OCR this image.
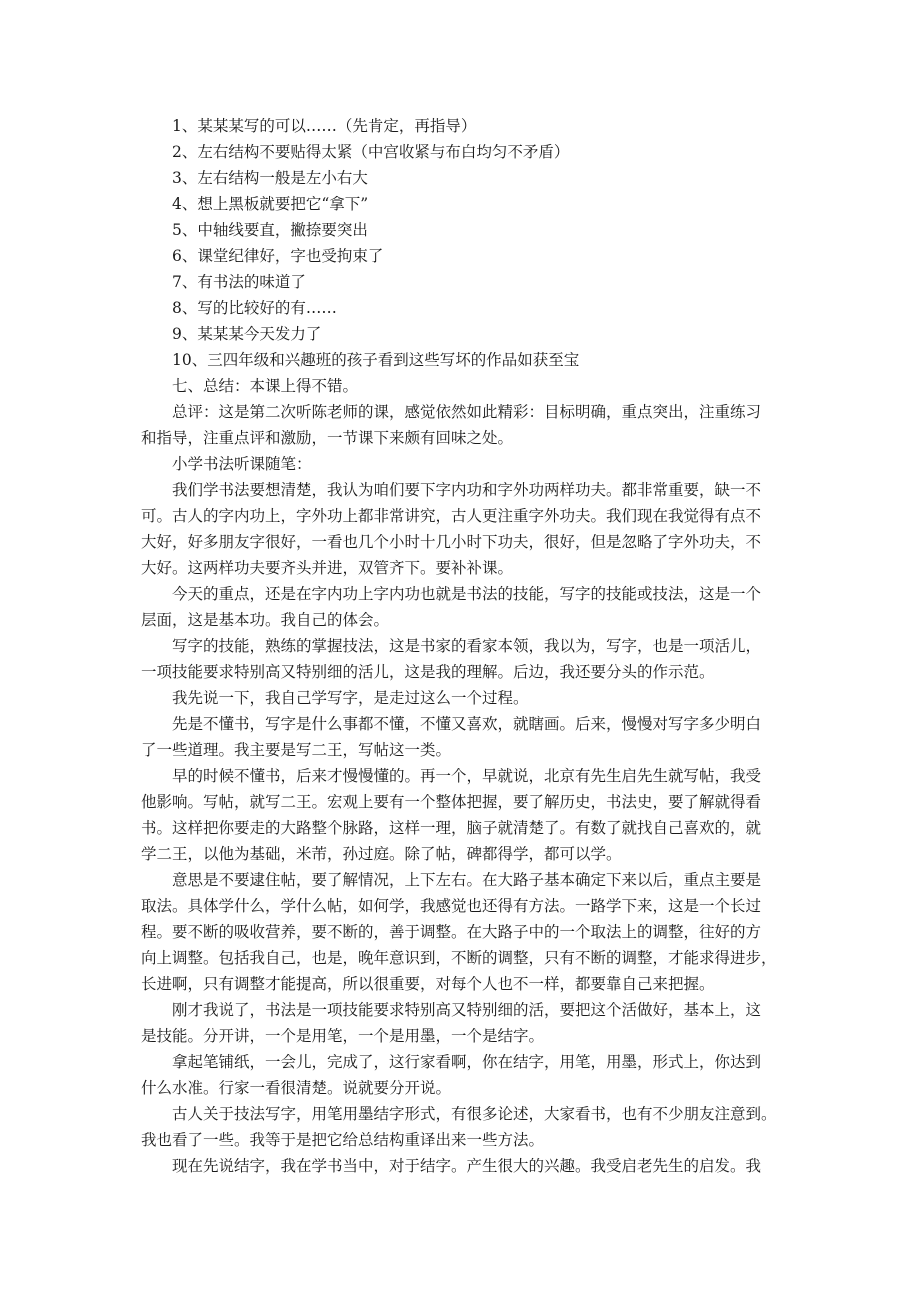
1、某某某写的可以……（先肯定，再指导）
2、左右结构不要贴得太紧（中宫收紧与布白均匀不矛盾）
3、左右结构一般是左小右大
4、想上黑板就要把它“拿下”
5、中轴线要直，撇捺要突出
6、课堂纪律好，字也受拘束了
7、有书法的味道了
8、写的比较好的有……
9、某某某今天发力了
10、三四年级和兴趣班的孩子看到这些写坏的作品如获至宝
七、总结：本课上得不错。
总评：这是第二次听陈老师的课，感觉依然如此精彩：目标明确，重点突出，注重练习
和指导，注重点评和激励，一节课下来颇有回味之处。
小学书法听课随笔：
我们学书法要想清楚，我认为咱们要下字内功和字外功两样功夫。都非常重要，缺一不
可。古人的字内功上，字外功上都非常讲究，古人更注重字外功夫。我们现在我觉得有点不
大好，好多朋友字很好，一看也几个小时十几小时下功夫，很好，但是忽略了字外功夫，不
大好。这两样功夫要齐头并进，双管齐下。要补补课。
今天的重点，还是在字内功上字内功也就是书法的技能，写字的技能或技法，这是一个
层面，这是基本功。我自己的体会。
写字的技能，熟练的掌握技法，这是书家的看家本领，我以为，写字，也是一项活儿，
一项技能要求特别高又特别细的活儿，这是我的理解。后边，我还要分头的作示范。
我先说一下，我自己学写字，是走过这么一个过程。
先是不懂书，写字是什么事都不懂，不懂又喜欢，就瞎画。后来，慢慢对写字多少明白
了一些道理。我主要是写二王，写帖这一类。
早的时候不懂书，后来才慢慢懂的。再一个，早就说，北京有先生启先生就写帖，我受
他影响。写帖，就写二王。宏观上要有一个整体把握，要了解历史，书法史，要了解就得看
书。这样把你要走的大路整个脉路，这样一理，脑子就清楚了。有数了就找自己喜欢的，就
学二王，以他为基础，米芾，孙过庭。除了帖，碑都得学，都可以学。
意思是不要逮住帖，要了解情况，上下左右。在大路子基本确定下来以后，重点主要是
取法。具体学什么，学什么帖，如何学，我感觉也还得有方法。一路学下来，这是一个长过
程。要不断的吸收营养，要不断的，善于调整。在大路子中的一个取法上的调整，往好的方
向上调整。包括我自己，也是，晚年意识到，不断的调整，只有不断的调整，才能求得进步，
长进啊，只有调整才能提高，所以很重要，对每个人也不一样，都要靠自己来把握。
刚才我说了，书法是一项技能要求特别高又特别细的活，要把这个活做好，基本上，这
是技能。分开讲，一个是用笔，一个是用墨，一个是结字。
拿起笔铺纸，一会儿，完成了，这行家看啊，你在结字，用笔，用墨，形式上，你达到
什么水准。行家一看很清楚。说就要分开说。
古人关于技法写字，用笔用墨结字形式，有很多论述，大家看书，也有不少朋友注意到。
我也看了一些。我等于是把它给总结构重译出来一些方法。
现在先说结字，我在学书当中，对于结字。产生很大的兴趣。我受启老先生的启发。我
